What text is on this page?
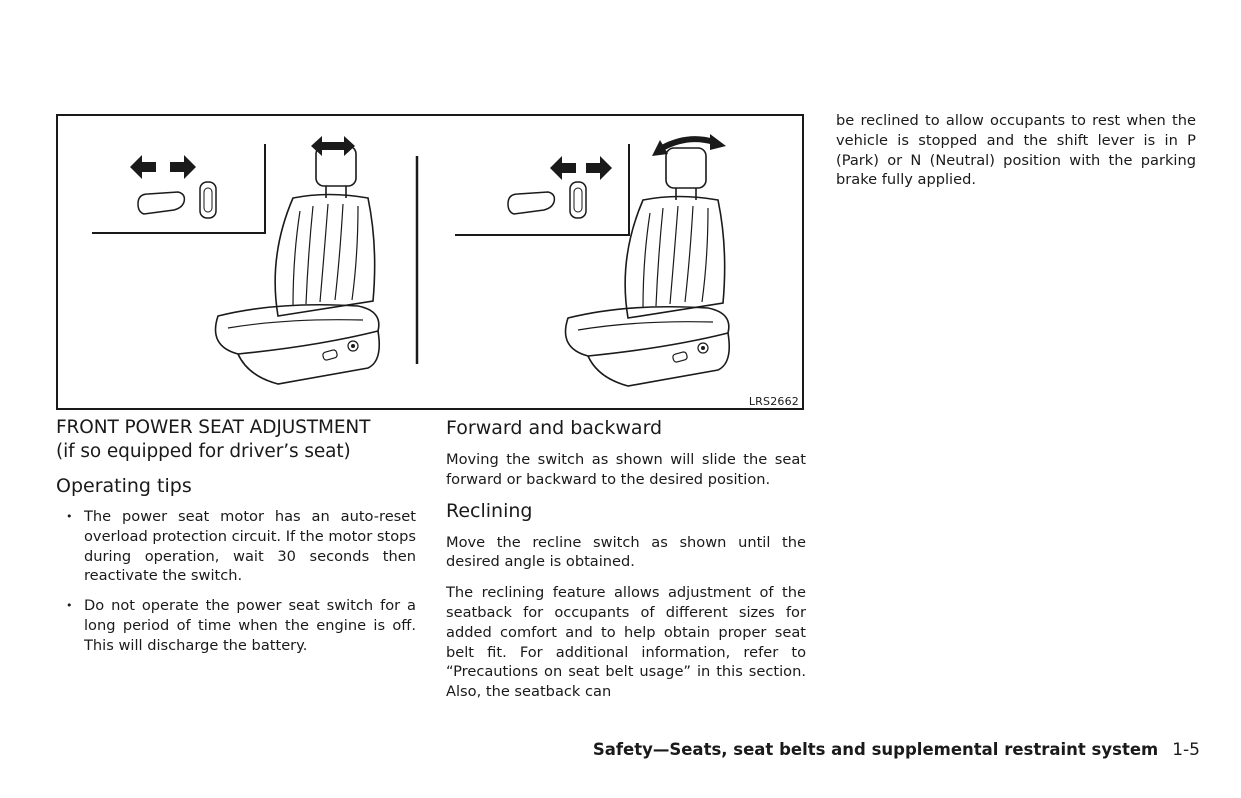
LRS2662
FRONT POWER SEAT ADJUSTMENT
(if so equipped for driver’s seat)
Operating tips
• The power seat motor has an auto-reset overload protection circuit. If the motor stops during operation, wait 30 seconds then reactivate the switch.
• Do not operate the power seat switch for a long period of time when the engine is off. This will discharge the battery.
Forward and backward

Moving the switch as shown will slide the seat forward or backward to the desired position.

Reclining

Move the recline switch as shown until the desired angle is obtained.

The reclining feature allows adjustment of the seatback for occupants of different sizes for added comfort and to help obtain proper seat belt fit. For additional information, refer to “Precautions on seat belt usage” in this section. Also, the seatback can

be reclined to allow occupants to rest when the vehicle is stopped and the shift lever is in P (Park) or N (Neutral) position with the parking brake fully applied.

Safety—Seats, seat belts and supplemental restraint system 1-5
